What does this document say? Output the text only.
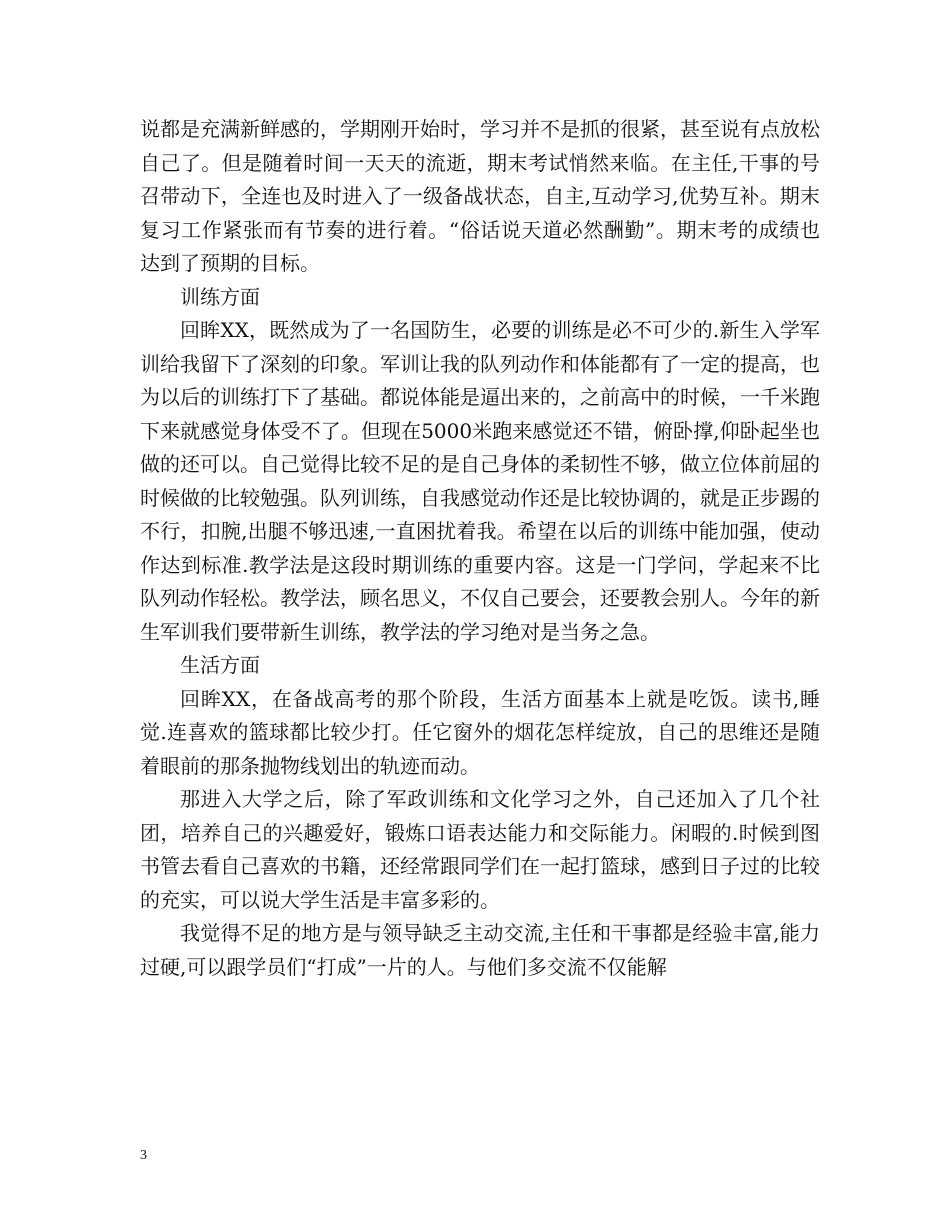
说都是充满新鲜感的，学期刚开始时，学习并不是抓的很紧，甚至说有点放松自己了。但是随着时间一天天的流逝，期末考试悄然来临。在主任,干事的号召带动下，全连也及时进入了一级备战状态，自主,互动学习,优势互补。期末复习工作紧张而有节奏的进行着。“俗话说天道必然酬勤”。期末考的成绩也达到了预期的目标。

训练方面

回眸XX，既然成为了一名国防生，必要的训练是必不可少的.新生入学军训给我留下了深刻的印象。军训让我的队列动作和体能都有了一定的提高，也为以后的训练打下了基础。都说体能是逼出来的，之前高中的时候，一千米跑下来就感觉身体受不了。但现在5000米跑来感觉还不错，俯卧撑,仰卧起坐也做的还可以。自己觉得比较不足的是自己身体的柔韧性不够，做立位体前屈的时候做的比较勉强。队列训练，自我感觉动作还是比较协调的，就是正步踢的不行，扣腕,出腿不够迅速,一直困扰着我。希望在以后的训练中能加强，使动作达到标准.教学法是这段时期训练的重要内容。这是一门学问，学起来不比队列动作轻松。教学法，顾名思义，不仅自己要会，还要教会别人。今年的新生军训我们要带新生训练，教学法的学习绝对是当务之急。

生活方面

回眸XX，在备战高考的那个阶段，生活方面基本上就是吃饭。读书,睡觉.连喜欢的篮球都比较少打。任它窗外的烟花怎样绽放，自己的思维还是随着眼前的那条抛物线划出的轨迹而动。

那进入大学之后，除了军政训练和文化学习之外，自己还加入了几个社团，培养自己的兴趣爱好，锻炼口语表达能力和交际能力。闲暇的.时候到图书管去看自己喜欢的书籍，还经常跟同学们在一起打篮球，感到日子过的比较的充实，可以说大学生活是丰富多彩的。

我觉得不足的地方是与领导缺乏主动交流,主任和干事都是经验丰富,能力过硬,可以跟学员们“打成”一片的人。与他们多交流不仅能解

3
